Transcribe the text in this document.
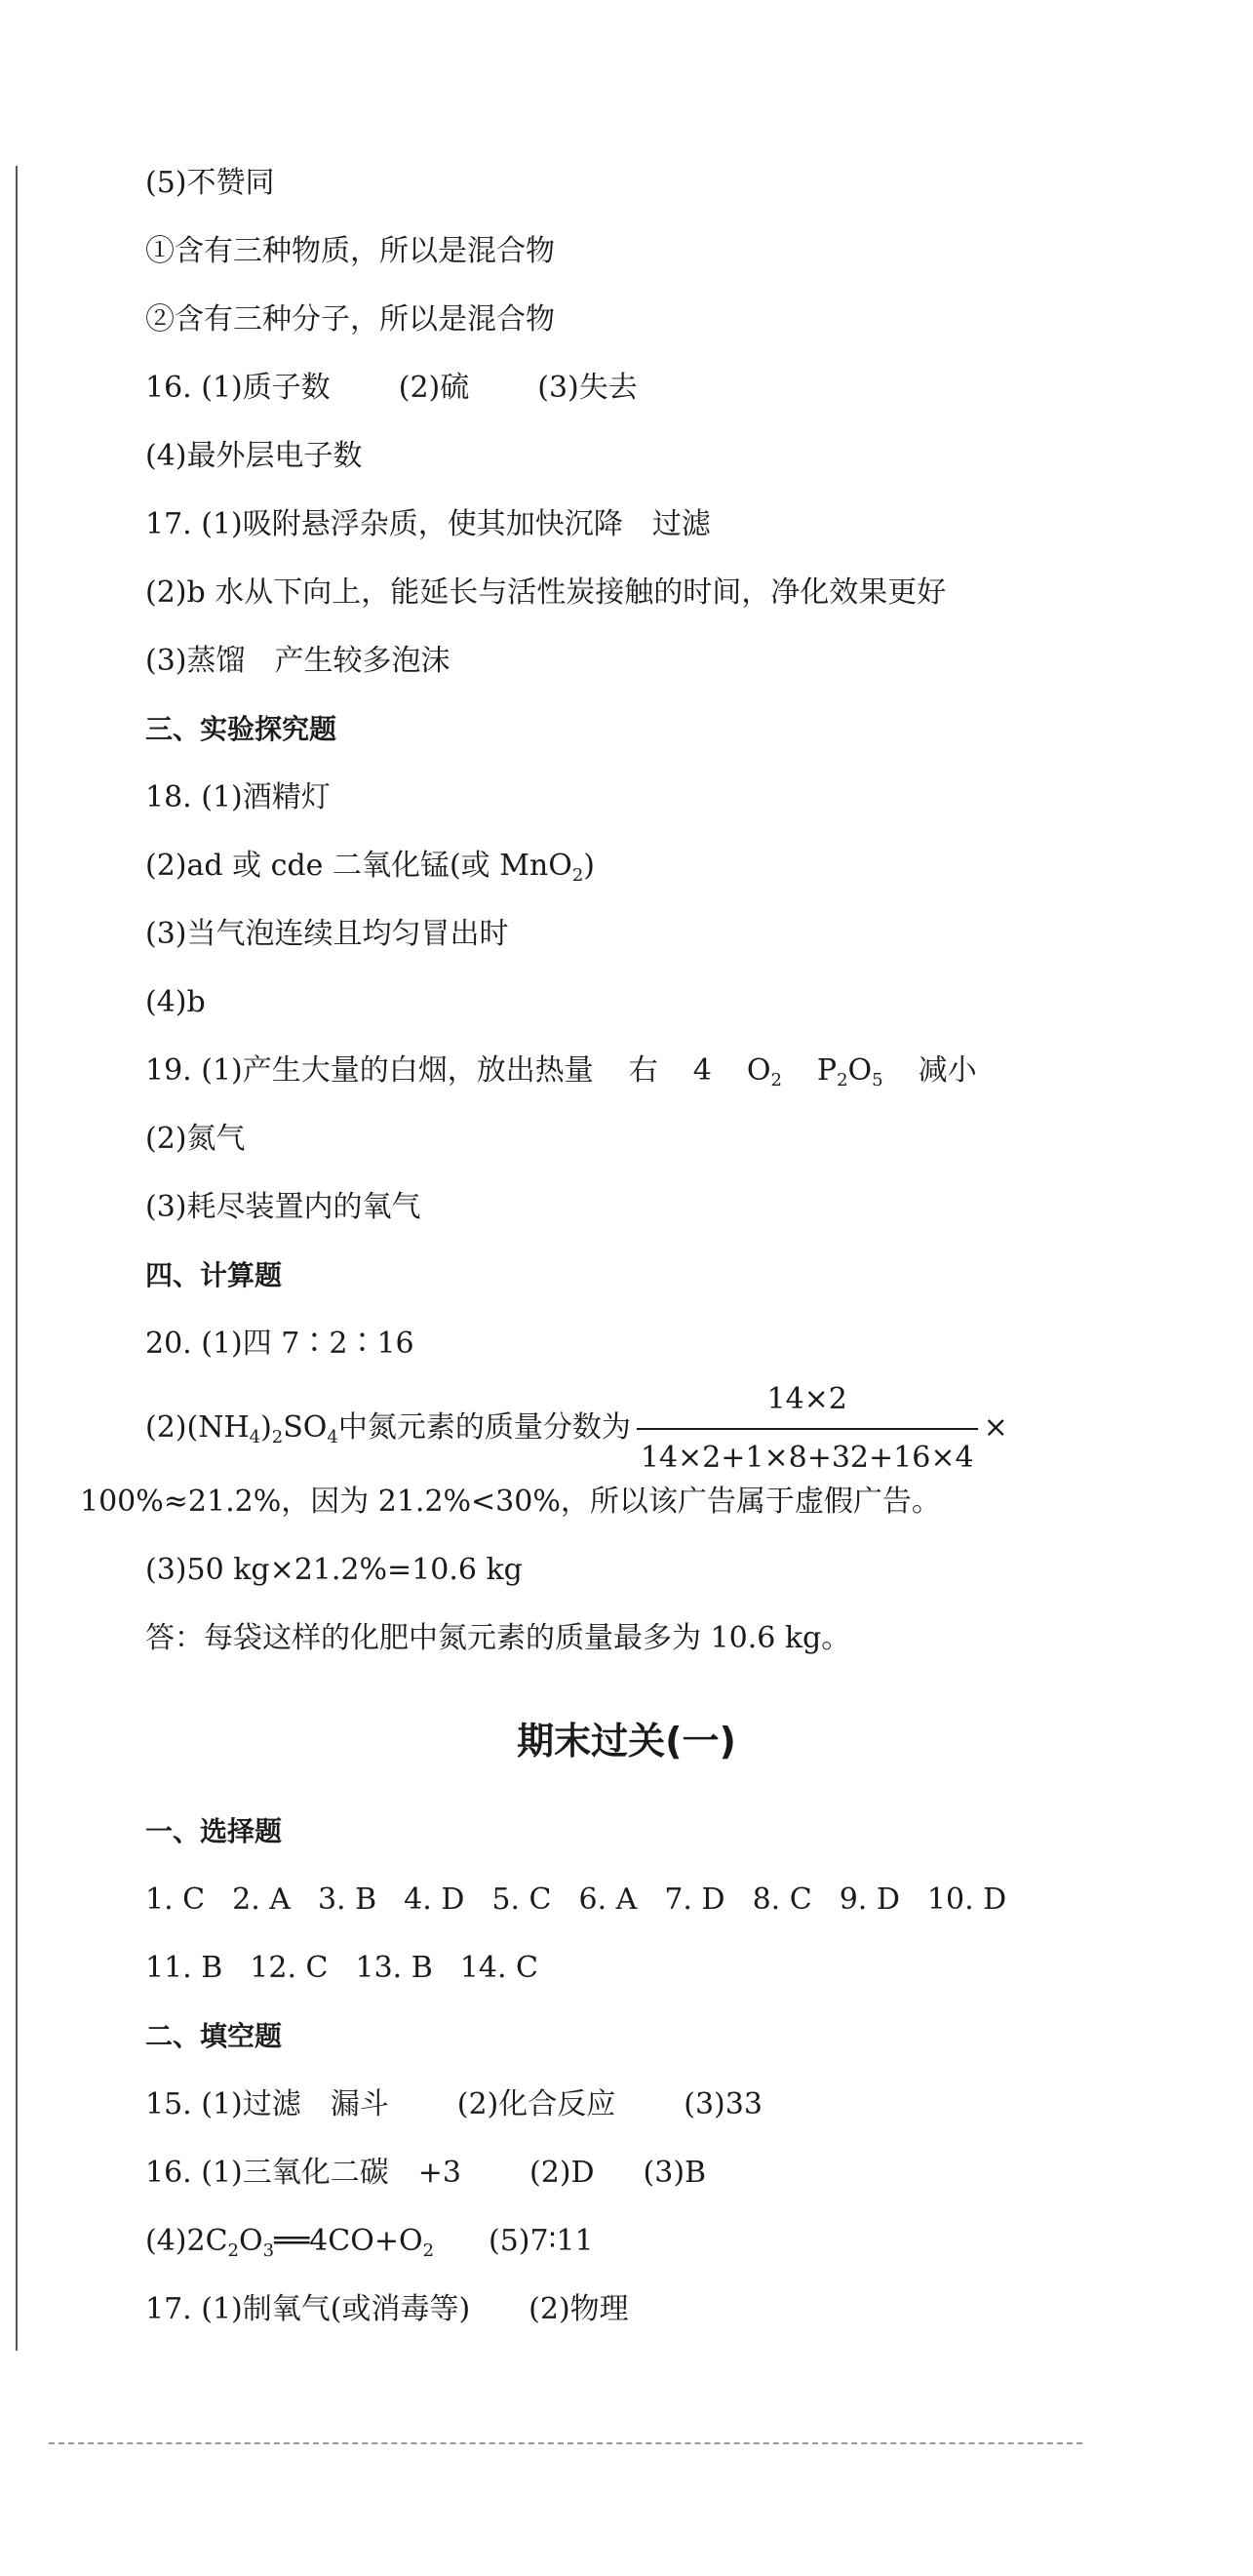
(5)不赞同
①含有三种物质，所以是混合物
②含有三种分子，所以是混合物
16. (1)质子数 (2)硫 (3)失去
(4)最外层电子数
17. (1)吸附悬浮杂质，使其加快沉降 过滤
(2)b 水从下向上，能延长与活性炭接触的时间，净化效果更好
(3)蒸馏 产生较多泡沫
三、实验探究题
18. (1)酒精灯
(2)ad 或 cde 二氧化锰(或 MnO$_2$)
(3)当气泡连续且均匀冒出时
(4)b
19. (1)产生大量的白烟，放出热量 右 4 $O_2$ $P_2O_5$ 减小
(2)氮气
(3)耗尽装置内的氧气
四、计算题
20. (1)四 7∶2∶16
$(2)(NH_4)_2SO_4$中氮元素的质量分数为 $\frac{14\times 2}{14\times 2+1\times 8+32+16\times 4}$ ×
100%≈21.2%，因为 21.2%<30%，所以该广告属于虚假广告。
(3)50 kg×21.2%=10.6 kg
答：每袋这样的化肥中氮元素的质量最多为 10.6 kg。
期末过关(一)
一、选择题
1. C 2. A 3. B 4. D 5. C 6. A 7. D 8. C 9. D 10. D
11. B 12. C 13. B 14. C
二、填空题
15. (1)过滤 漏斗 (2)化合反应 (3)33
16. (1)三氧化二碳 +3 (2)D (3)B
$(4)2C_2O_3══4CO+O_2$ (5)7∶11
17. (1)制氧气(或消毒等) (2)物理
